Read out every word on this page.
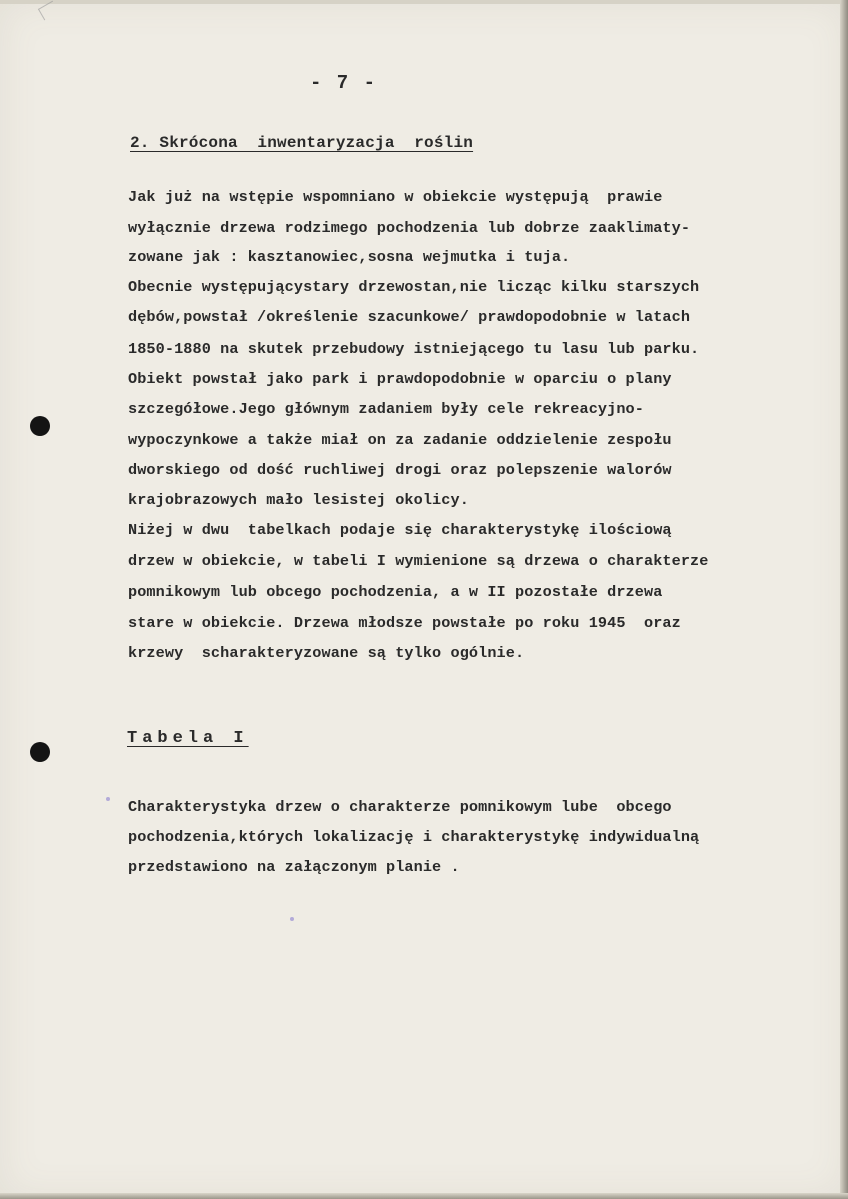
- 7 -
2. Skrócona  inwentaryzacja  roślin
Jak już na wstępie wspomniano w obiekcie występują  prawie
wyłącznie drzewa rodzimego pochodzenia lub dobrze zaaklimaty-
zowane jak : kasztanowiec,sosna wejmutka i tuja.
Obecnie występującystary drzewostan,nie licząc kilku starszych
dębów,powstał /określenie szacunkowe/ prawdopodobnie w latach
1850-1880 na skutek przebudowy istniejącego tu lasu lub parku.
Obiekt powstał jako park i prawdopodobnie w oparciu o plany
szczegółowe.Jego głównym zadaniem były cele rekreacyjno-
wypoczynkowe a także miał on za zadanie oddzielenie zespołu
dworskiego od dość ruchliwej drogi oraz polepszenie walorów
krajobrazowych mało lesistej okolicy.
Niżej w dwu  tabelkach podaje się charakterystykę ilościową
drzew w obiekcie, w tabeli I wymienione są drzewa o charakterze
pomnikowym lub obcego pochodzenia, a w II pozostałe drzewa
stare w obiekcie. Drzewa młodsze powstałe po roku 1945  oraz
krzewy  scharakteryzowane są tylko ogólnie.
Tabela I
Charakterystyka drzew o charakterze pomnikowym lube  obcego
pochodzenia,których lokalizację i charakterystykę indywidualną
przedstawiono na załączonym planie .
